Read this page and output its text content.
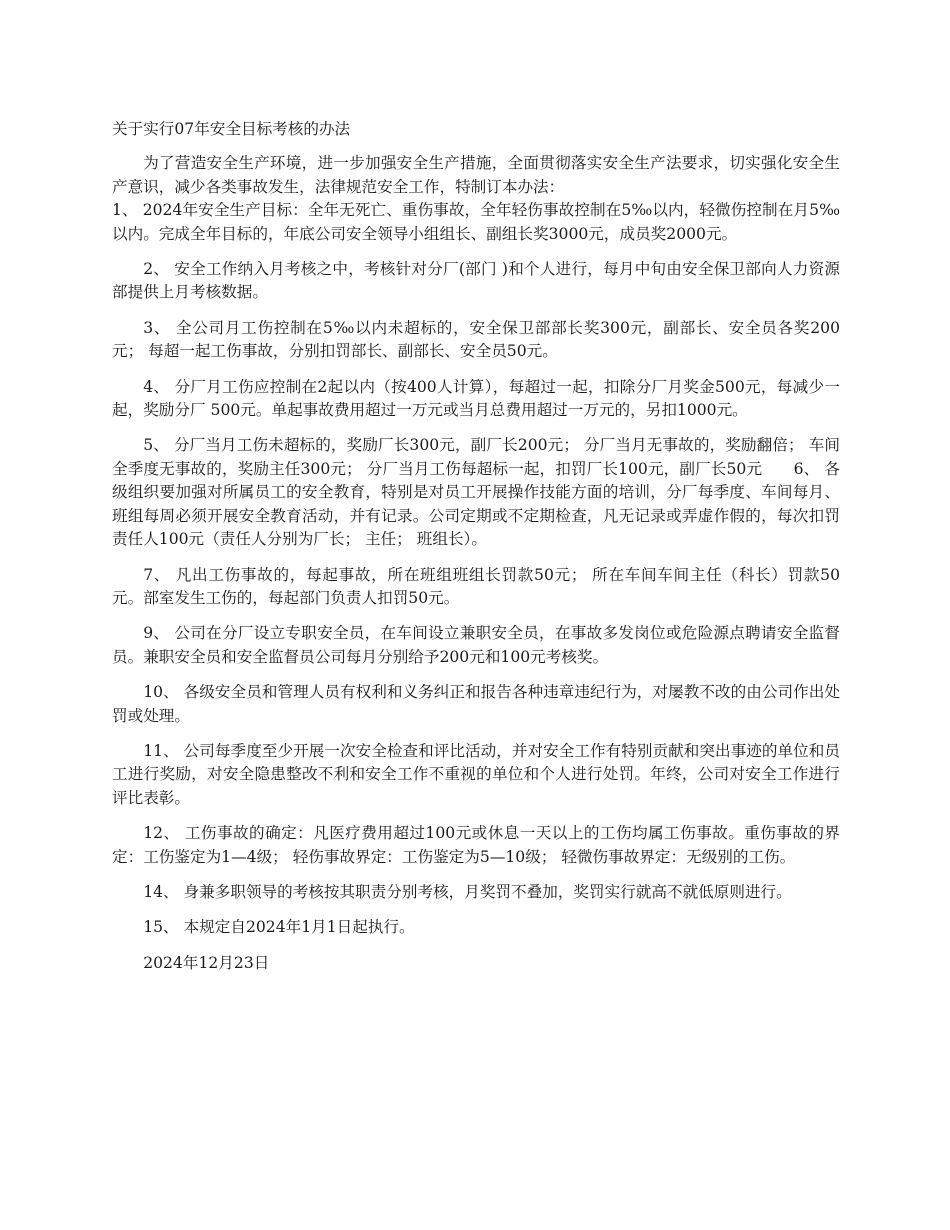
关于实行07年安全目标考核的办法

为了营造安全生产环境，进一步加强安全生产措施，全面贯彻落实安全生产法要求，切实强化安全生产意识，减少各类事故发生，法律规范安全工作，特制订本办法：

1、 2024年安全生产目标：全年无死亡、重伤事故，全年轻伤事故控制在5‰以内，轻微伤控制在月5‰以内。完成全年目标的，年底公司安全领导小组组长、副组长奖3000元，成员奖2000元。

2、 安全工作纳入月考核之中，考核针对分厂(部门 )和个人进行，每月中旬由安全保卫部向人力资源部提供上月考核数据。

3、 全公司月工伤控制在5‰以内未超标的，安全保卫部部长奖300元，副部长、安全员各奖200元； 每超一起工伤事故，分别扣罚部长、副部长、安全员50元。

4、 分厂月工伤应控制在2起以内（按400人计算），每超过一起，扣除分厂月奖金500元，每减少一起，奖励分厂 500元。单起事故费用超过一万元或当月总费用超过一万元的，另扣1000元。

5、 分厂当月工伤未超标的，奖励厂长300元，副厂长200元； 分厂当月无事故的，奖励翻倍； 车间全季度无事故的，奖励主任300元； 分厂当月工伤每超标一起，扣罚厂长100元，副厂长50元　　6、 各级组织要加强对所属员工的安全教育，特别是对员工开展操作技能方面的培训，分厂每季度、车间每月、班组每周必须开展安全教育活动，并有记录。公司定期或不定期检查，凡无记录或弄虚作假的，每次扣罚责任人100元（责任人分别为厂长； 主任； 班组长）。

7、 凡出工伤事故的，每起事故，所在班组班组长罚款50元； 所在车间车间主任（科长）罚款50元。部室发生工伤的，每起部门负责人扣罚50元。

9、 公司在分厂设立专职安全员，在车间设立兼职安全员，在事故多发岗位或危险源点聘请安全监督员。兼职安全员和安全监督员公司每月分别给予200元和100元考核奖。

10、 各级安全员和管理人员有权利和义务纠正和报告各种违章违纪行为，对屡教不改的由公司作出处罚或处理。

11、 公司每季度至少开展一次安全检查和评比活动，并对安全工作有特别贡献和突出事迹的单位和员工进行奖励，对安全隐患整改不利和安全工作不重视的单位和个人进行处罚。年终，公司对安全工作进行评比表彰。

12、 工伤事故的确定：凡医疗费用超过100元或休息一天以上的工伤均属工伤事故。重伤事故的界定：工伤鉴定为1—4级； 轻伤事故界定：工伤鉴定为5—10级； 轻微伤事故界定：无级别的工伤。

14、 身兼多职领导的考核按其职责分别考核，月奖罚不叠加，奖罚实行就高不就低原则进行。

15、 本规定自2024年1月1日起执行。

2024年12月23日
